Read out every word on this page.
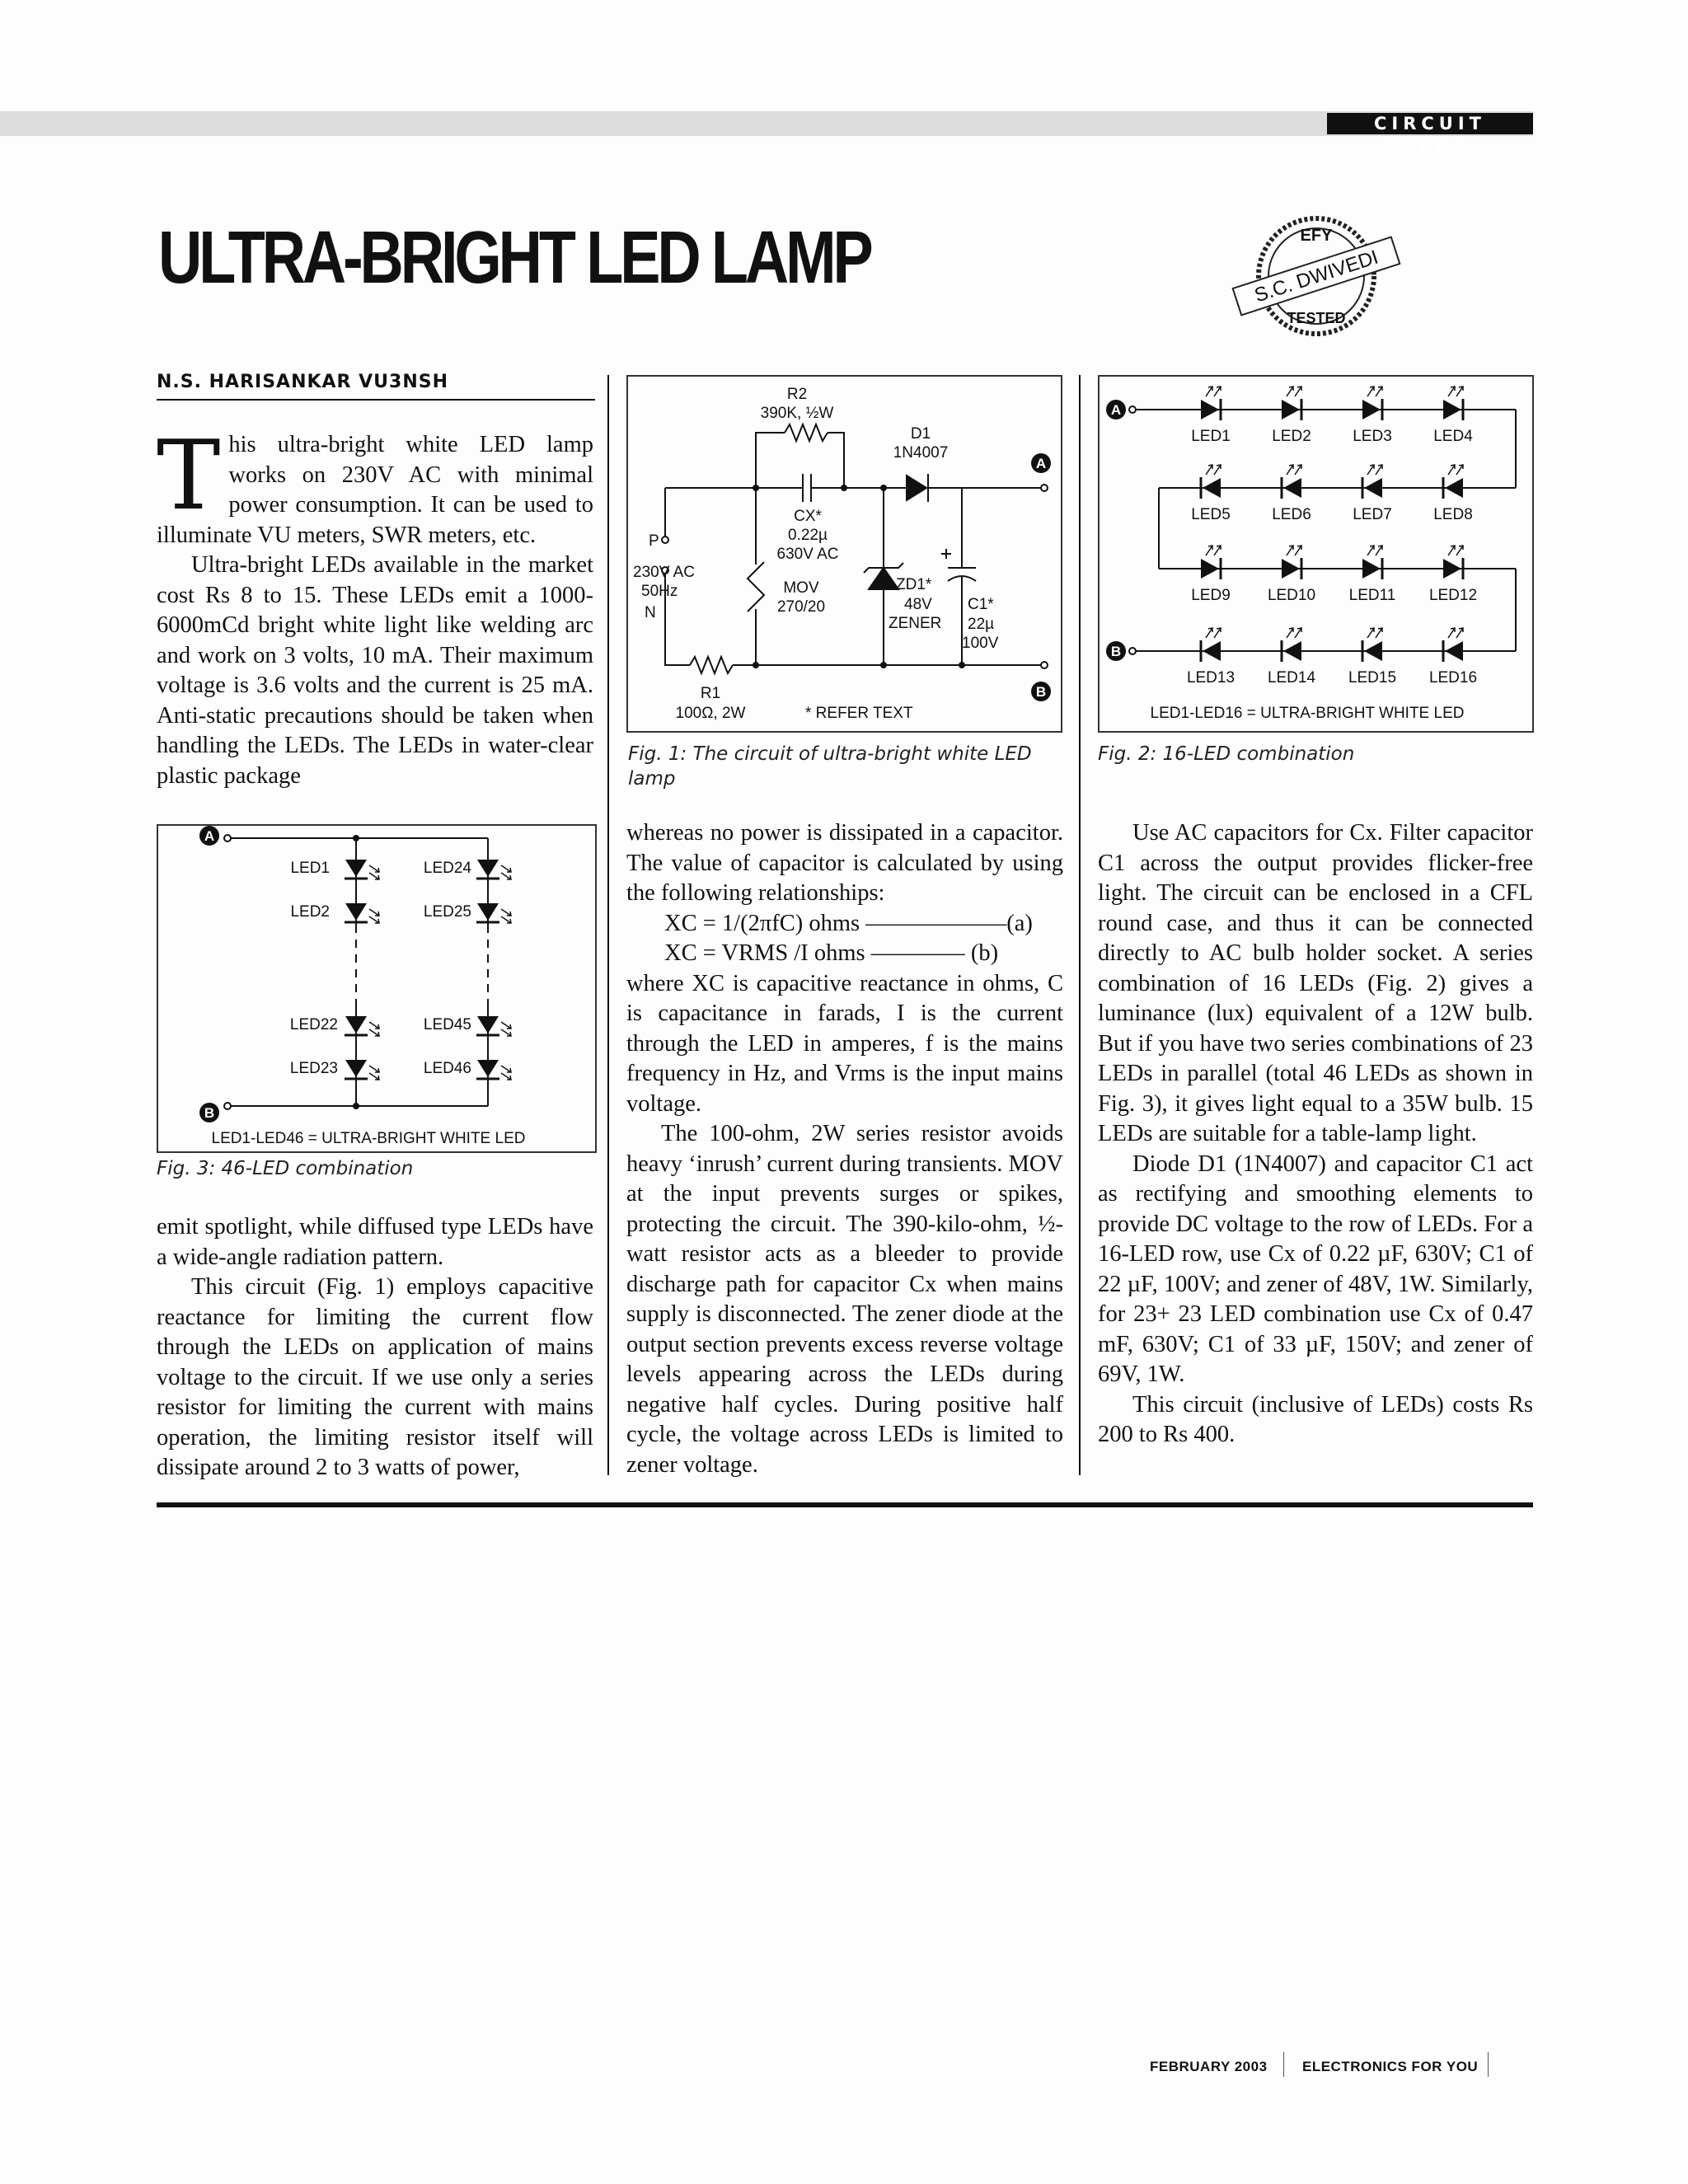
CIRCUIT IDEAS
ULTRA-BRIGHT LED LAMP	EFY
TESTED
S.C. DWIVEDI
N.S. HARISANKAR VU3NSH

This ultra-bright white LED lamp works on 230V AC with minimal power consumption. It can be used to illuminate VU meters, SWR meters, etc.

Ultra-bright LEDs available in the market cost Rs 8 to 15. These LEDs emit a 1000-6000mCd bright white light like welding arc and work on 3 volts, 10 mA. Their maximum voltage is 3.6 volts and the current is 25 mA. Anti-static precautions should be taken when handling the LEDs. The LEDs in water-clear plastic package

A
B
R2
390K, ½W
D1
1N4007
CX*
0.22µ
630V AC
P
230V AC
50Hz
N
MOV
270/20
ZD1*
48V
ZENER
C1*
22µ
100V
R1
100Ω, 2W	* REFER TEXT
Fig. 1: The circuit of ultra-bright white LED lamp
A
B
LED1	LED2	LED3	LED4
LED5	LED6	LED7	LED8
LED9 LED10 LED11 LED12
LED13 LED14 LED15 LED16
LED1-LED16 = ULTRA-BRIGHT WHITE LED
Fig. 2: 16-LED combination
A
B
LED1
LED2
LED22
LED23
LED24
LED25
LED45
LED46
LED1-LED46 = ULTRA-BRIGHT WHITE LED
Fig. 3: 46-LED combination

emit spotlight, while diffused type LEDs have a wide-angle radiation pattern.

This circuit (Fig. 1) employs capacitive reactance for limiting the current flow through the LEDs on application of mains voltage to the circuit. If we use only a series resistor for limiting the current with mains operation, the limiting resistor itself will dissipate around 2 to 3 watts of power,

whereas no power is dissipated in a capacitor. The value of capacitor is calculated by using the following relationships:

XC = 1/(2πfC) ohms ——————(a)

XC = VRMS /I ohms ———— (b)

where XC is capacitive reactance in ohms, C is capacitance in farads, I is the current through the LED in amperes, f is the mains frequency in Hz, and Vrms is the input mains voltage.

The 100-ohm, 2W series resistor avoids heavy ‘inrush’ current during transients. MOV at the input prevents surges or spikes, protecting the circuit. The 390-kilo-ohm, ½-watt resistor acts as a bleeder to provide discharge path for capacitor Cx when mains supply is disconnected. The zener diode at the output section prevents excess reverse voltage levels appearing across the LEDs during negative half cycles. During positive half cycle, the voltage across LEDs is limited to zener voltage.

Use AC capacitors for Cx. Filter capacitor C1 across the output provides flicker-free light. The circuit can be enclosed in a CFL round case, and thus it can be connected directly to AC bulb holder socket. A series combination of 16 LEDs (Fig. 2) gives a luminance (lux) equivalent of a 12W bulb. But if you have two series combinations of 23 LEDs in parallel (total 46 LEDs as shown in Fig. 3), it gives light equal to a 35W bulb. 15 LEDs are suitable for a table-lamp light.

Diode D1 (1N4007) and capacitor C1 act as rectifying and smoothing elements to provide DC voltage to the row of LEDs. For a 16-LED row, use Cx of 0.22 µF, 630V; C1 of 22 µF, 100V; and zener of 48V, 1W. Similarly, for 23+ 23 LED combination use Cx of 0.47 mF, 630V; C1 of 33 µF, 150V; and zener of 69V, 1W.

This circuit (inclusive of LEDs) costs Rs 200 to Rs 400.

FEBRUARY 2003 ELECTRONICS FOR YOU
